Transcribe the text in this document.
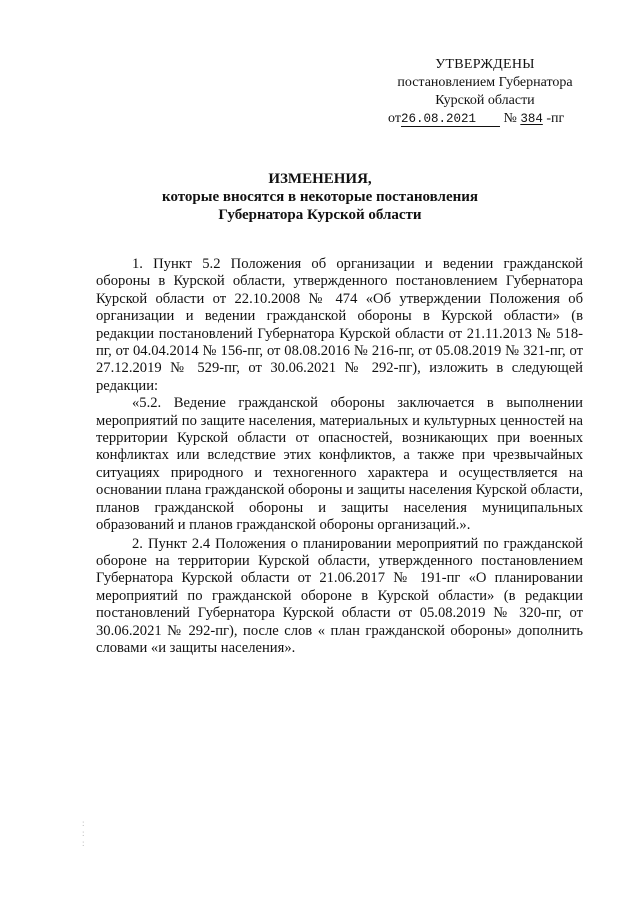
УТВЕРЖДЕНЫ
постановлением Губернатора
Курской области
от26.08.2021 № 384 -пг
ИЗМЕНЕНИЯ,
которые вносятся в некоторые постановления
Губернатора Курской области

1. Пункт 5.2 Положения об организации и ведении гражданской обороны в Курской области, утвержденного постановлением Губернатора Курской области от 22.10.2008 № 474 «Об утверждении Положения об организации и ведении гражданской обороны в Курской области» (в редакции постановлений Губернатора Курской области от 21.11.2013 № 518-пг, от 04.04.2014 № 156-пг, от 08.08.2016 № 216-пг, от 05.08.2019 № 321-пг, от 27.12.2019 № 529-пг, от 30.06.2021 № 292-пг), изложить в следующей редакции:

«5.2. Ведение гражданской обороны заключается в выполнении мероприятий по защите населения, материальных и культурных ценностей на территории Курской области от опасностей, возникающих при военных конфликтах или вследствие этих конфликтов, а также при чрезвычайных ситуациях природного и техногенного характера и осуществляется на основании плана гражданской обороны и защиты населения Курской области, планов гражданской обороны и защиты населения муниципальных образований и планов гражданской обороны организаций.».

2. Пункт 2.4 Положения о планировании мероприятий по гражданской обороне на территории Курской области, утвержденного постановлением Губернатора Курской области от 21.06.2017 № 191-пг «О планировании мероприятий по гражданской обороне в Курской области» (в редакции постановлений Губернатора Курской области от 05.08.2019 № 320-пг, от 30.06.2021 № 292-пг), после слов « план гражданской обороны» дополнить словами «и защиты населения».

:
:
:
